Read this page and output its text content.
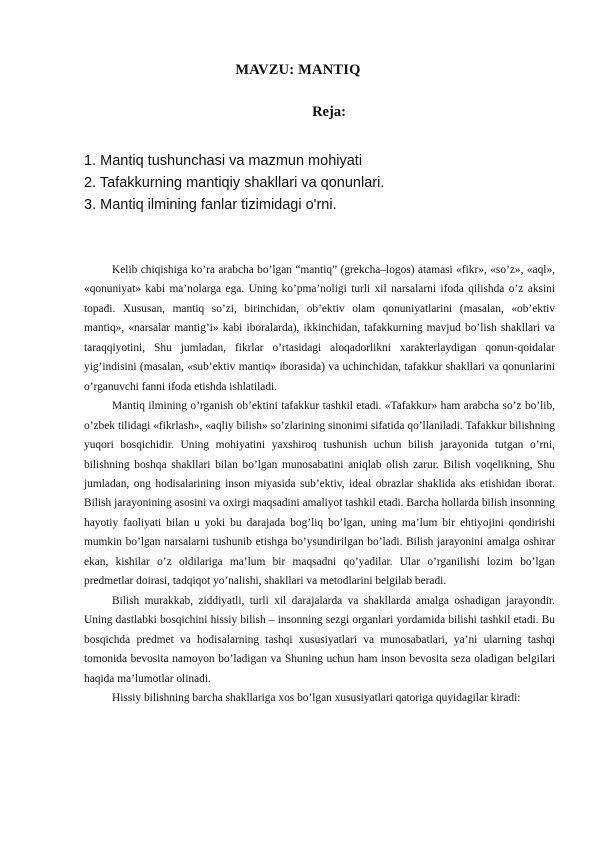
MAVZU: MANTIQ
Reja:
1. Mantiq tushunchasi va mazmun mohiyati
2. Tafakkurning mantiqiy shakllari va qonunlari.
3. Mantiq ilmining fanlar tizimidagi o'rni.

Kelib chiqishiga ko’ra arabcha bo’lgan “mantiq” (grekcha–logos) atamasi «fikr», «so’z», «aql», «qonuniyat» kabi ma’nolarga ega. Uning ko’pma’noligi turli xil narsalarni ifoda qilishda o’z aksini topadi. Xususan, mantiq so’zi, birinchidan, ob’ektiv olam qonuniyatlarini (masalan, «ob’ektiv mantiq», «narsalar mantig’i» kabi iboralarda), ikkinchidan, tafakkurning mavjud bo’lish shakllari va taraqqiyotini, Shu jumladan, fikrlar o’rtasidagi aloqadorlikni xarakterlaydigan qonun-qoidalar yig’indisini (masalan, «sub’ektiv mantiq» iborasida) va uchinchidan, tafakkur shakllari va qonunlarini o’rganuvchi fanni ifoda etishda ishlatiladi.

Mantiq ilmining o’rganish ob’ektini tafakkur tashkil etadi. «Tafakkur» ham arabcha so’z bo’lib, o’zbek tilidagi «fikrlash», «aqliy bilish» so’zlarining sinonimi sifatida qo’llaniladi. Tafakkur bilishning yuqori bosqichidir. Uning mohiyatini yaxshiroq tushunish uchun bilish jarayonida tutgan o’rni, bilishning boshqa shakllari bilan bo’lgan munosabatini aniqlab olish zarur. Bilish voqelikning, Shu jumladan, ong hodisalarining inson miyasida sub’ektiv, ideal obrazlar shaklida aks etishidan iborat. Bilish jarayonining asosini va oxirgi maqsadini amaliyot tashkil etadi. Barcha hollarda bilish insonning hayotiy faoliyati bilan u yoki bu darajada bog’liq bo’lgan, uning ma’lum bir ehtiyojini qondirishi mumkin bo’lgan narsalarni tushunib etishga bo’ysundirilgan bo’ladi. Bilish jarayonini amalga oshirar ekan, kishilar o’z oldilariga ma’lum bir maqsadni qo’yadilar. Ular o’rganilishi lozim bo’lgan predmetlar doirasi, tadqiqot yo’nalishi, shakllari va metodlarini belgilab beradi.

Bilish murakkab, ziddiyatli, turli xil darajalarda va shakllarda amalga oshadigan jarayondir. Uning dastlabki bosqichini hissiy bilish – insonning sezgi organlari yordamida bilishi tashkil etadi. Bu bosqichda predmet va hodisalarning tashqi xususiyatlari va munosabatlari, ya’ni ularning tashqi tomonida bevosita namoyon bo’ladigan va Shuning uchun ham inson bevosita seza oladigan belgilari haqida ma’lumotlar olinadi.

Hissiy bilishning barcha shakllariga xos bo’lgan xususiyatlari qatoriga quyidagilar kiradi:
